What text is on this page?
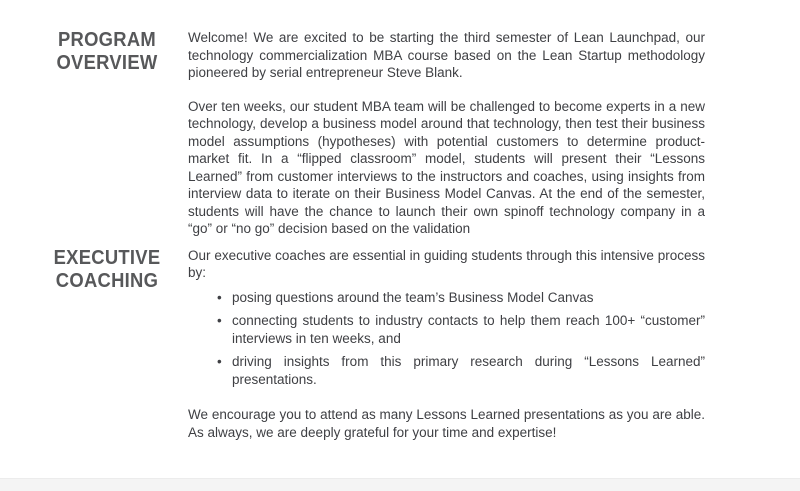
PROGRAM
OVERVIEW

Welcome! We are excited to be starting the third semester of Lean Launchpad, our technology commercialization MBA course based on the Lean Startup methodology pioneered by serial entrepreneur Steve Blank.

Over ten weeks, our student MBA team will be challenged to become experts in a new technology, develop a business model around that technology, then test their business model assumptions (hypotheses) with potential customers to determine product-market fit. In a “flipped classroom” model, students will present their “Lessons Learned” from customer interviews to the instructors and coaches, using insights from interview data to iterate on their Business Model Canvas. At the end of the semester, students will have the chance to launch their own spinoff technology company in a “go” or “no go” decision based on the validation

EXECUTIVE
COACHING

Our executive coaches are essential in guiding students through this intensive process by:

• posing questions around the team’s Business Model Canvas
• connecting students to industry contacts to help them reach 100+ “customer” interviews in ten weeks, and
• driving insights from this primary research during “Lessons Learned” presentations.

We encourage you to attend as many Lessons Learned presentations as you are able. As always, we are deeply grateful for your time and expertise!
